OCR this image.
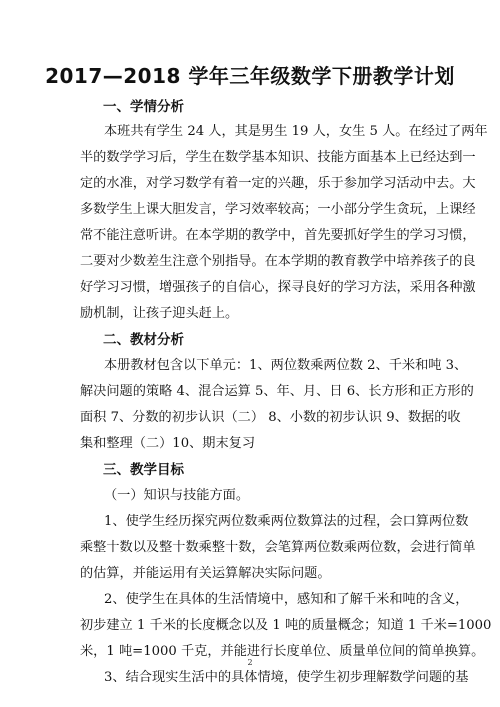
2017—2018 学年三年级数学下册教学计划
一、学情分析
本班共有学生 24 人，其是男生 19 人，女生 5 人。在经过了两年
半的数学学习后，学生在数学基本知识、技能方面基本上已经达到一
定的水准，对学习数学有着一定的兴趣，乐于参加学习活动中去。大
多数学生上课大胆发言，学习效率较高；一小部分学生贪玩，上课经
常不能注意听讲。在本学期的教学中，首先要抓好学生的学习习惯，
二要对少数差生注意个别指导。在本学期的教育教学中培养孩子的良
好学习习惯，增强孩子的自信心，探寻良好的学习方法，采用各种激
励机制，让孩子迎头赶上。
二、教材分析
本册教材包含以下单元：1、两位数乘两位数 2、千米和吨 3、
解决问题的策略 4、混合运算 5、年、月、日 6、长方形和正方形的
面积 7、分数的初步认识（二） 8、小数的初步认识 9、数据的收
集和整理（二）10、期末复习
三、教学目标
（一）知识与技能方面。
1、使学生经历探究两位数乘两位数算法的过程，会口算两位数
乘整十数以及整十数乘整十数，会笔算两位数乘两位数，会进行简单
的估算，并能运用有关运算解决实际问题。
2、使学生在具体的生活情境中，感知和了解千米和吨的含义，
初步建立 1 千米的长度概念以及 1 吨的质量概念；知道 1 千米=1000
米，1 吨=1000 千克，并能进行长度单位、质量单位间的简单换算。
3、结合现实生活中的具体情境，使学生初步理解数学问题的基
2
